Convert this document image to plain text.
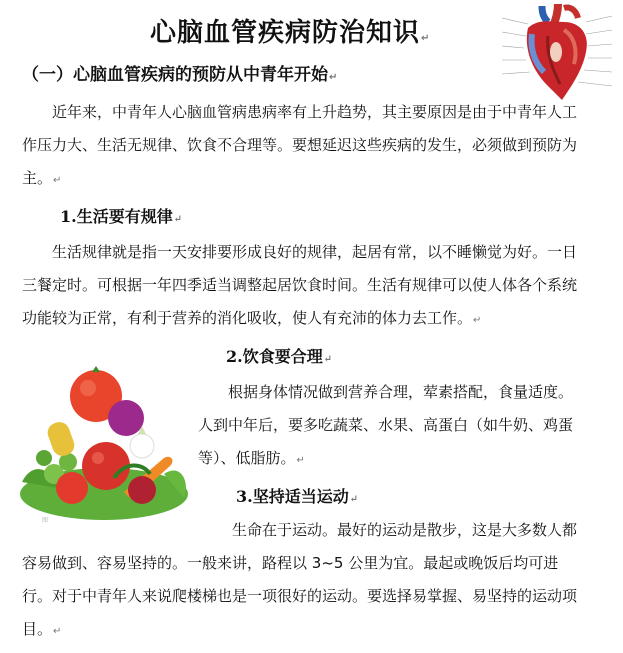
心脑血管疾病防治知识↵
（一）心脑血管疾病的预防从中青年开始↵

近年来，中青年人心脑血管病患病率有上升趋势，其主要原因是由于中青年人工作压力大、生活无规律、饮食不合理等。要想延迟这些疾病的发生，必须做到预防为主。↵

1.生活要有规律↵

生活规律就是指一天安排要形成良好的规律，起居有常，以不睡懒觉为好。一日三餐定时。可根据一年四季适当调整起居饮食时间。生活有规律可以使人体各个系统功能较为正常，有利于营养的消化吸收，使人有充沛的体力去工作。↵

图
2.饮食要合理↵

根据身体情况做到营养合理，荤素搭配，食量适度。人到中年后，要多吃蔬菜、水果、高蛋白（如牛奶、鸡蛋等）、低脂肪。↵

3.坚持适当运动↵

生命在于运动。最好的运动是散步，这是大多数人都容易做到、容易坚持的。一般来讲，路程以 3~5 公里为宜。最起或晚饭后均可进行。对于中青年人来说爬楼梯也是一项很好的运动。要选择易掌握、易坚持的运动项目。↵
